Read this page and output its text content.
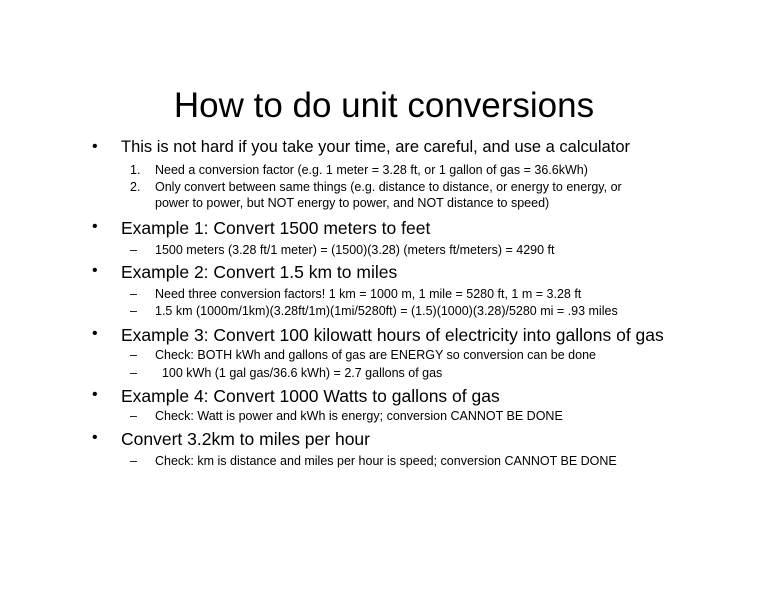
How to do unit conversions
• This is not hard if you take your time, are careful, and use a calculator
1. Need a conversion factor (e.g. 1 meter = 3.28 ft, or 1 gallon of gas = 36.6kWh)
2. Only convert between same things (e.g. distance to distance, or energy to energy, or
power to power, but NOT energy to power, and NOT distance to speed)
• Example 1: Convert 1500 meters to feet
– 1500 meters (3.28 ft/1 meter) = (1500)(3.28) (meters ft/meters) = 4290 ft
• Example 2: Convert 1.5 km to miles
– Need three conversion factors! 1 km = 1000 m, 1 mile = 5280 ft, 1 m = 3.28 ft
– 1.5 km (1000m/1km)(3.28ft/1m)(1mi/5280ft) = (1.5)(1000)(3.28)/5280 mi = .93 miles
• Example 3: Convert 100 kilowatt hours of electricity into gallons of gas
– Check: BOTH kWh and gallons of gas are ENERGY so conversion can be done
– 100 kWh (1 gal gas/36.6 kWh) = 2.7 gallons of gas
• Example 4: Convert 1000 Watts to gallons of gas
– Check: Watt is power and kWh is energy; conversion CANNOT BE DONE
• Convert 3.2km to miles per hour
– Check: km is distance and miles per hour is speed; conversion CANNOT BE DONE
